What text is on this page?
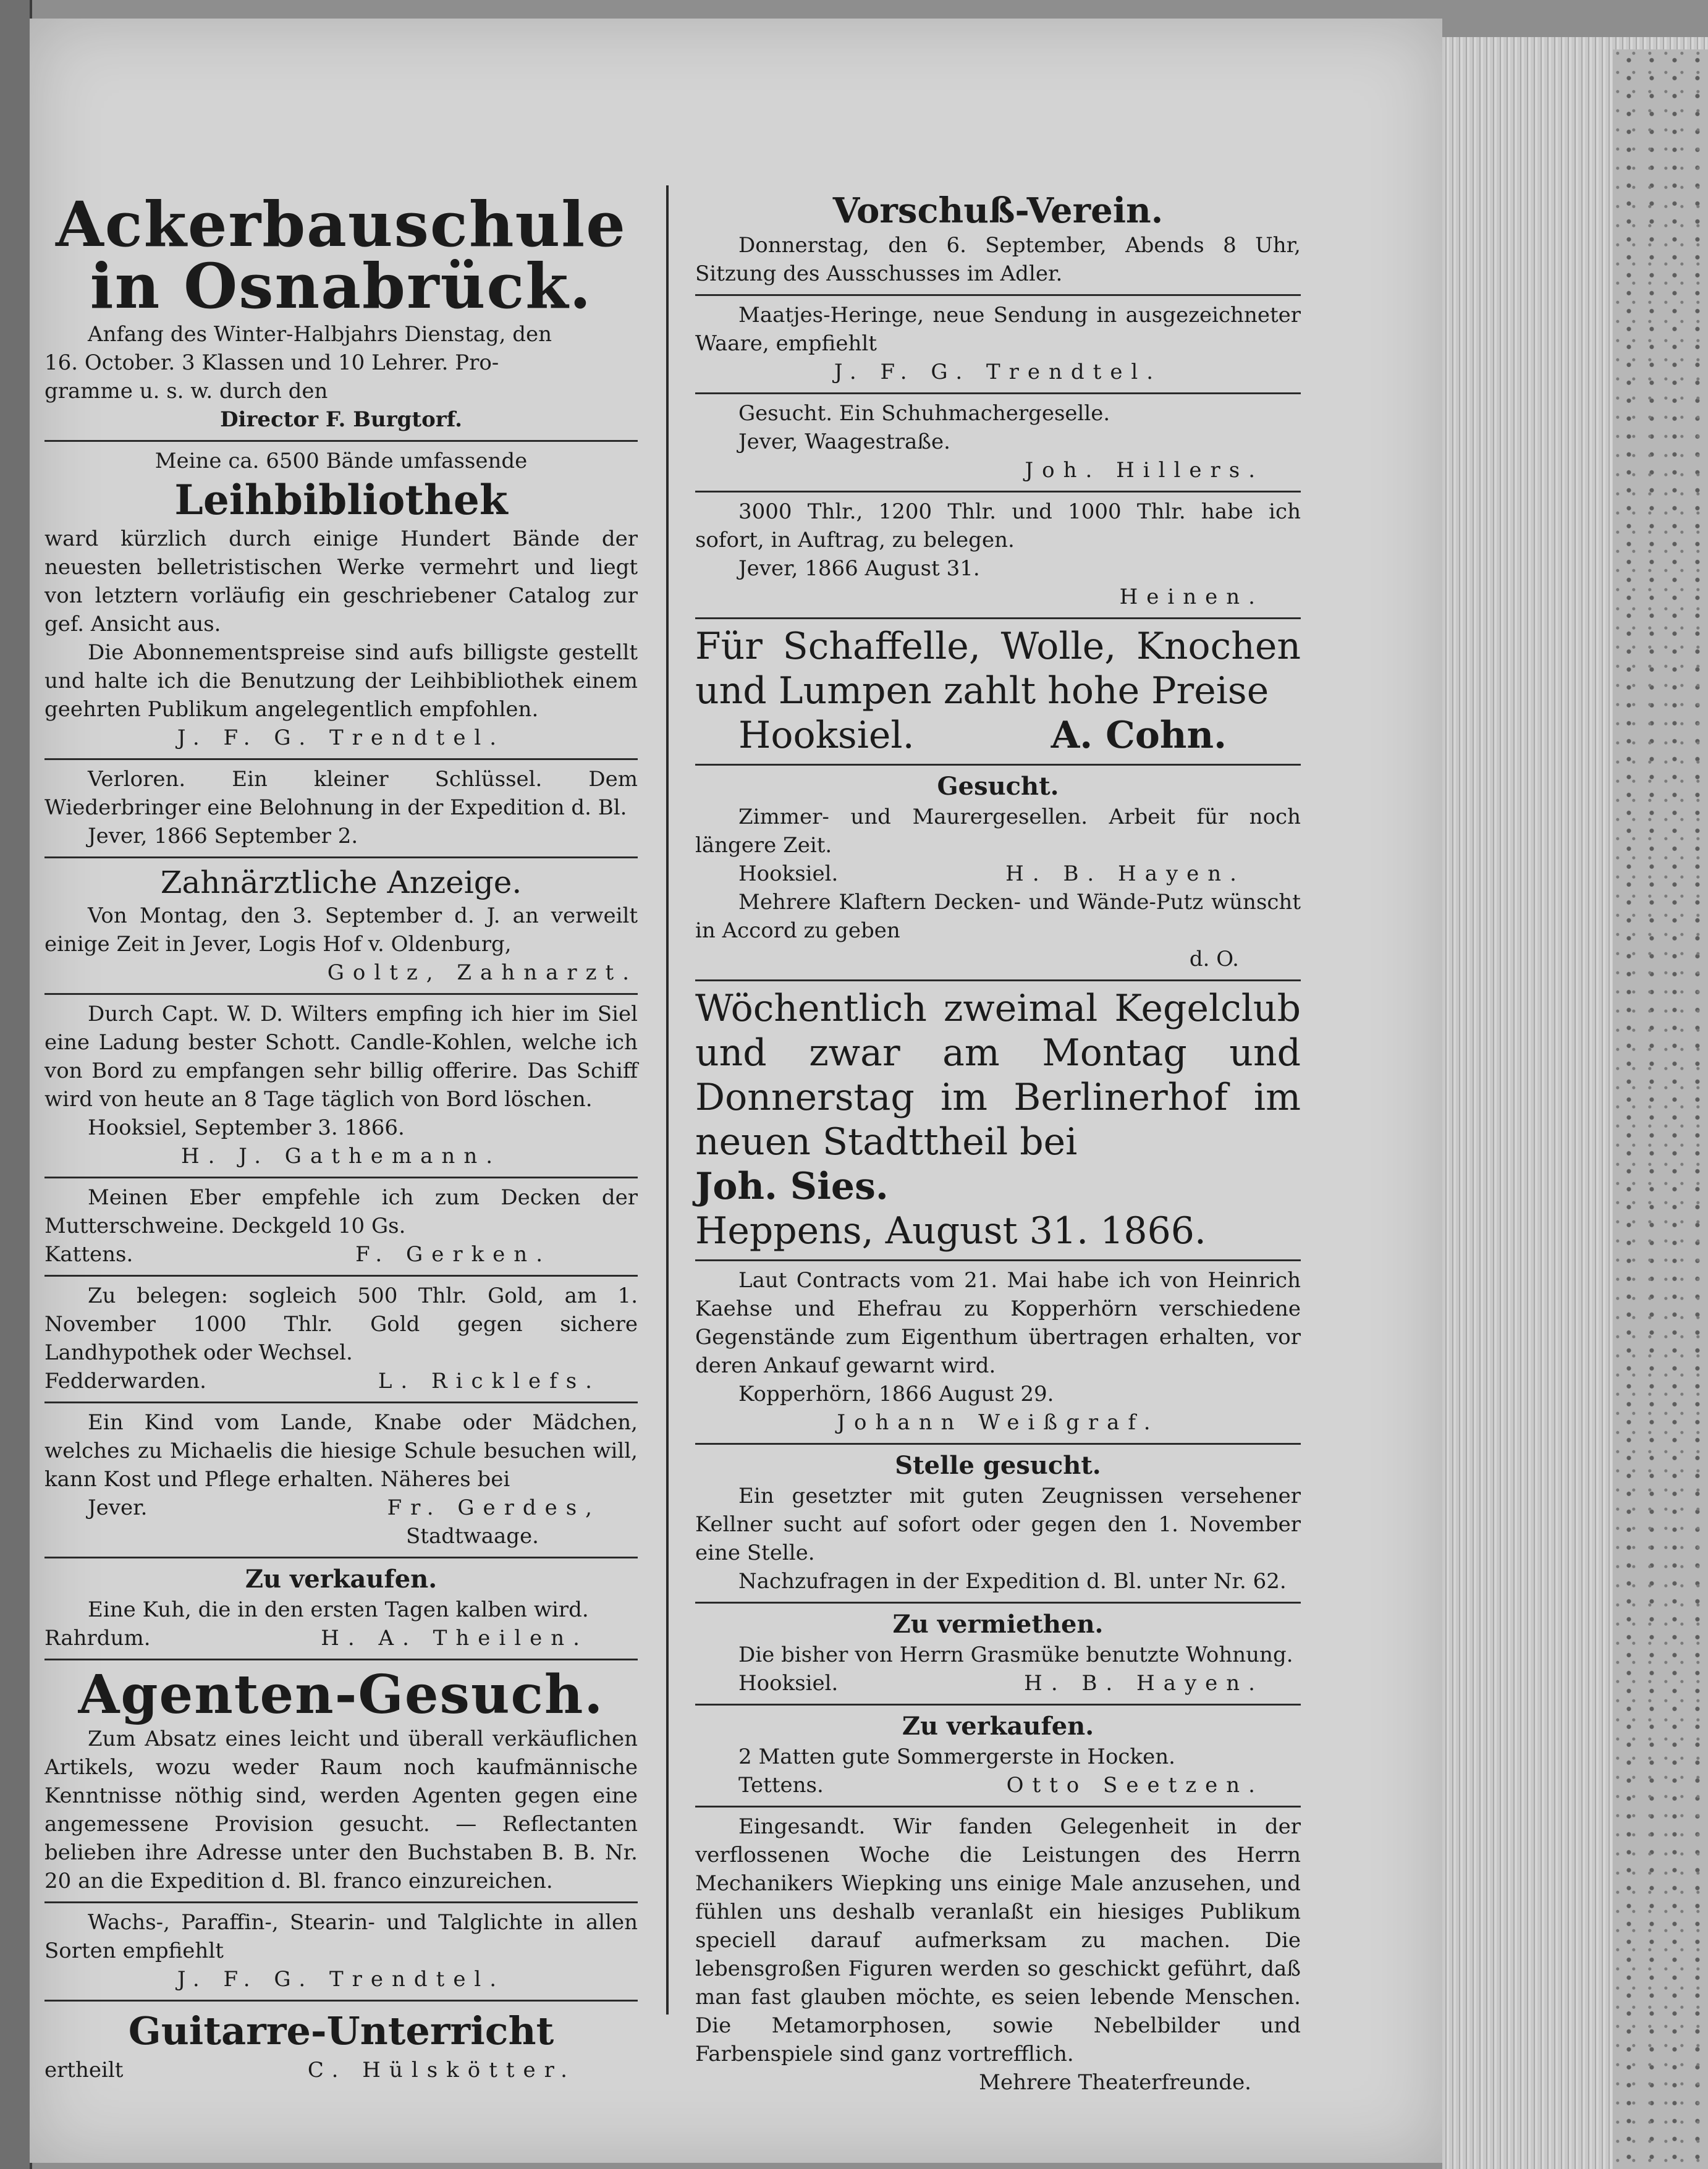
Ackerbauschule

in Osnabrück.

Anfang des Winter-Halbjahrs Dienstag, den

16. October. 3 Klassen und 10 Lehrer. Pro-

gramme u. s. w. durch den

Director F. Burgtorf.

Meine ca. 6500 Bände umfassende

Leihbibliothek

ward kürzlich durch einige Hundert Bände der neuesten belletristischen Werke vermehrt und liegt von letztern vorläufig ein geschriebener Catalog zur gef. Ansicht aus.

Die Abonnementspreise sind aufs billigste gestellt und halte ich die Benutzung der Leihbibliothek einem geehrten Publikum angelegentlich empfohlen.

J. F. G. Trendtel.

Verloren. Ein kleiner Schlüssel. Dem Wiederbringer eine Belohnung in der Expedition d. Bl.

Jever, 1866 September 2.

Zahnärztliche Anzeige.

Von Montag, den 3. September d. J. an verweilt einige Zeit in Jever, Logis Hof v. Oldenburg,

Goltz, Zahnarzt.

Durch Capt. W. D. Wilters empfing ich hier im Siel eine Ladung bester Schott. Candle-Kohlen, welche ich von Bord zu empfangen sehr billig offerire. Das Schiff wird von heute an 8 Tage täglich von Bord löschen.

Hooksiel, September 3. 1866.

H. J. Gathemann.

Meinen Eber empfehle ich zum Decken der Mutterschweine. Deckgeld 10 Gs.

Kattens.	F. Gerken.

Zu belegen: sogleich 500 Thlr. Gold, am 1. November 1000 Thlr. Gold gegen sichere Landhypothek oder Wechsel.

Fedderwarden.	L. Ricklefs.

Ein Kind vom Lande, Knabe oder Mädchen, welches zu Michaelis die hiesige Schule besuchen will, kann Kost und Pflege erhalten. Näheres bei

Jever.	Fr. Gerdes,

Stadtwaage.

Zu verkaufen.

Eine Kuh, die in den ersten Tagen kalben wird.

Rahrdum.	H. A. Theilen.

Agenten-Gesuch.

Zum Absatz eines leicht und überall verkäuflichen Artikels, wozu weder Raum noch kaufmännische Kenntnisse nöthig sind, werden Agenten gegen eine angemessene Provision gesucht. — Reflectanten belieben ihre Adresse unter den Buchstaben B. B. Nr. 20 an die Expedition d. Bl. franco einzureichen.

Wachs-, Paraffin-, Stearin- und Talglichte in allen Sorten empfiehlt

J. F. G. Trendtel.

Guitarre-Unterricht

ertheilt	C. Hülskötter.

Vorschuß-Verein.

Donnerstag, den 6. September, Abends 8 Uhr, Sitzung des Ausschusses im Adler.

Maatjes-Heringe, neue Sendung in ausgezeichneter Waare, empfiehlt

J. F. G. Trendtel.

Gesucht. Ein Schuhmachergeselle.

Jever, Waagestraße.

Joh. Hillers.

3000 Thlr., 1200 Thlr. und 1000 Thlr. habe ich sofort, in Auftrag, zu belegen.

Jever, 1866 August 31.

Heinen.

Für Schaffelle, Wolle, Knochen und Lumpen zahlt hohe Preise

Hooksiel.	A. Cohn.

Gesucht.

Zimmer- und Maurergesellen. Arbeit für noch längere Zeit.

Hooksiel.	H. B. Hayen.

Mehrere Klaftern Decken- und Wände-Putz wünscht in Accord zu geben

d. O.

Wöchentlich zweimal Kegelclub und zwar am Montag und Donnerstag im Berlinerhof im neuen Stadttheil bei

Joh. Sies.

Heppens, August 31. 1866.

Laut Contracts vom 21. Mai habe ich von Heinrich Kaehse und Ehefrau zu Kopperhörn verschiedene Gegenstände zum Eigenthum übertragen erhalten, vor deren Ankauf gewarnt wird.

Kopperhörn, 1866 August 29.

Johann Weißgraf.

Stelle gesucht.

Ein gesetzter mit guten Zeugnissen versehener Kellner sucht auf sofort oder gegen den 1. November eine Stelle.

Nachzufragen in der Expedition d. Bl. unter Nr. 62.

Zu vermiethen.

Die bisher von Herrn Grasmüke benutzte Wohnung.

Hooksiel.	H. B. Hayen.

Zu verkaufen.

2 Matten gute Sommergerste in Hocken.

Tettens.	Otto Seetzen.

Eingesandt. Wir fanden Gelegenheit in der verflossenen Woche die Leistungen des Herrn Mechanikers Wiepking uns einige Male anzusehen, und fühlen uns deshalb veranlaßt ein hiesiges Publikum speciell darauf aufmerksam zu machen. Die lebensgroßen Figuren werden so geschickt geführt, daß man fast glauben möchte, es seien lebende Menschen. Die Metamorphosen, sowie Nebelbilder und Farbenspiele sind ganz vortrefflich.

Mehrere Theaterfreunde.
